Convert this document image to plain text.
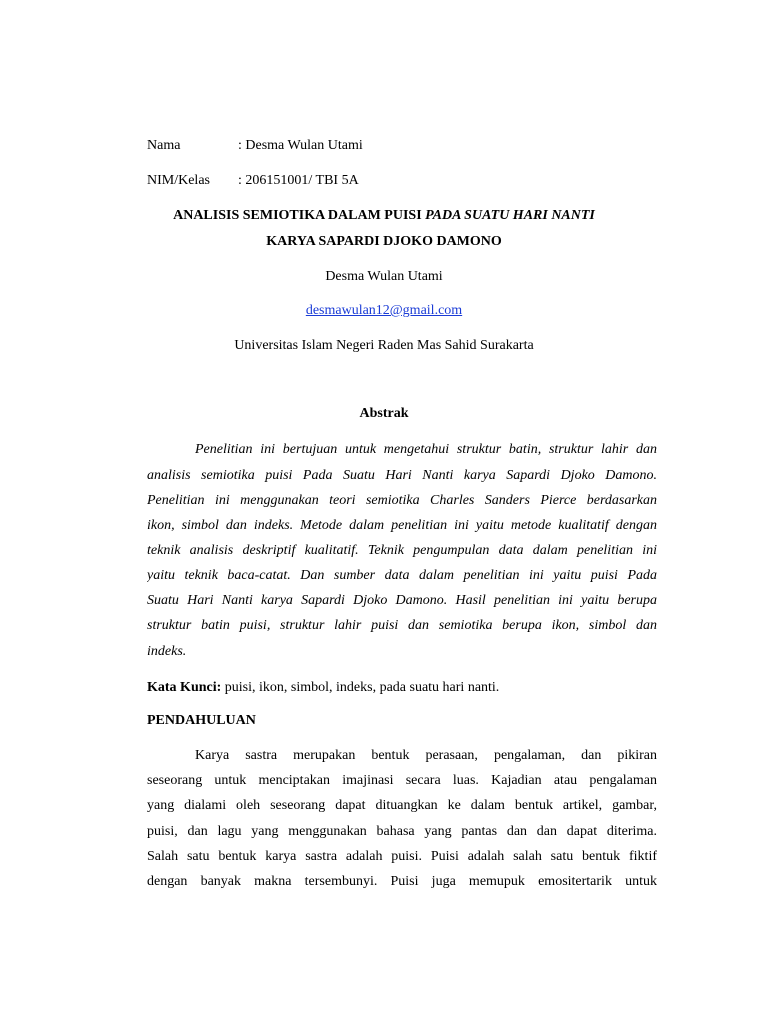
Nama	: Desma Wulan Utami
NIM/Kelas : 206151001/ TBI 5A
ANALISIS SEMIOTIKA DALAM PUISI PADA SUATU HARI NANTI
KARYA SAPARDI DJOKO DAMONO
Desma Wulan Utami
desmawulan12@gmail.com
Universitas Islam Negeri Raden Mas Sahid Surakarta
Abstrak
Penelitian ini bertujuan untuk mengetahui struktur batin, struktur lahir dan
analisis semiotika puisi Pada Suatu Hari Nanti karya Sapardi Djoko Damono.
Penelitian ini menggunakan teori semiotika Charles Sanders Pierce berdasarkan
ikon, simbol dan indeks. Metode dalam penelitian ini yaitu metode kualitatif dengan
teknik analisis deskriptif kualitatif. Teknik pengumpulan data dalam penelitian ini
yaitu teknik baca-catat. Dan sumber data dalam penelitian ini yaitu puisi Pada
Suatu Hari Nanti karya Sapardi Djoko Damono. Hasil penelitian ini yaitu berupa
struktur batin puisi, struktur lahir puisi dan semiotika berupa ikon, simbol dan
indeks.
Kata Kunci: puisi, ikon, simbol, indeks, pada suatu hari nanti.
PENDAHULUAN
Karya sastra merupakan bentuk perasaan, pengalaman, dan pikiran
seseorang untuk menciptakan imajinasi secara luas. Kajadian atau pengalaman
yang dialami oleh seseorang dapat dituangkan ke dalam bentuk artikel, gambar,
puisi, dan lagu yang menggunakan bahasa yang pantas dan dan dapat diterima.
Salah satu bentuk karya sastra adalah puisi. Puisi adalah salah satu bentuk fiktif
dengan banyak makna tersembunyi. Puisi juga memupuk emositertarik untuk
